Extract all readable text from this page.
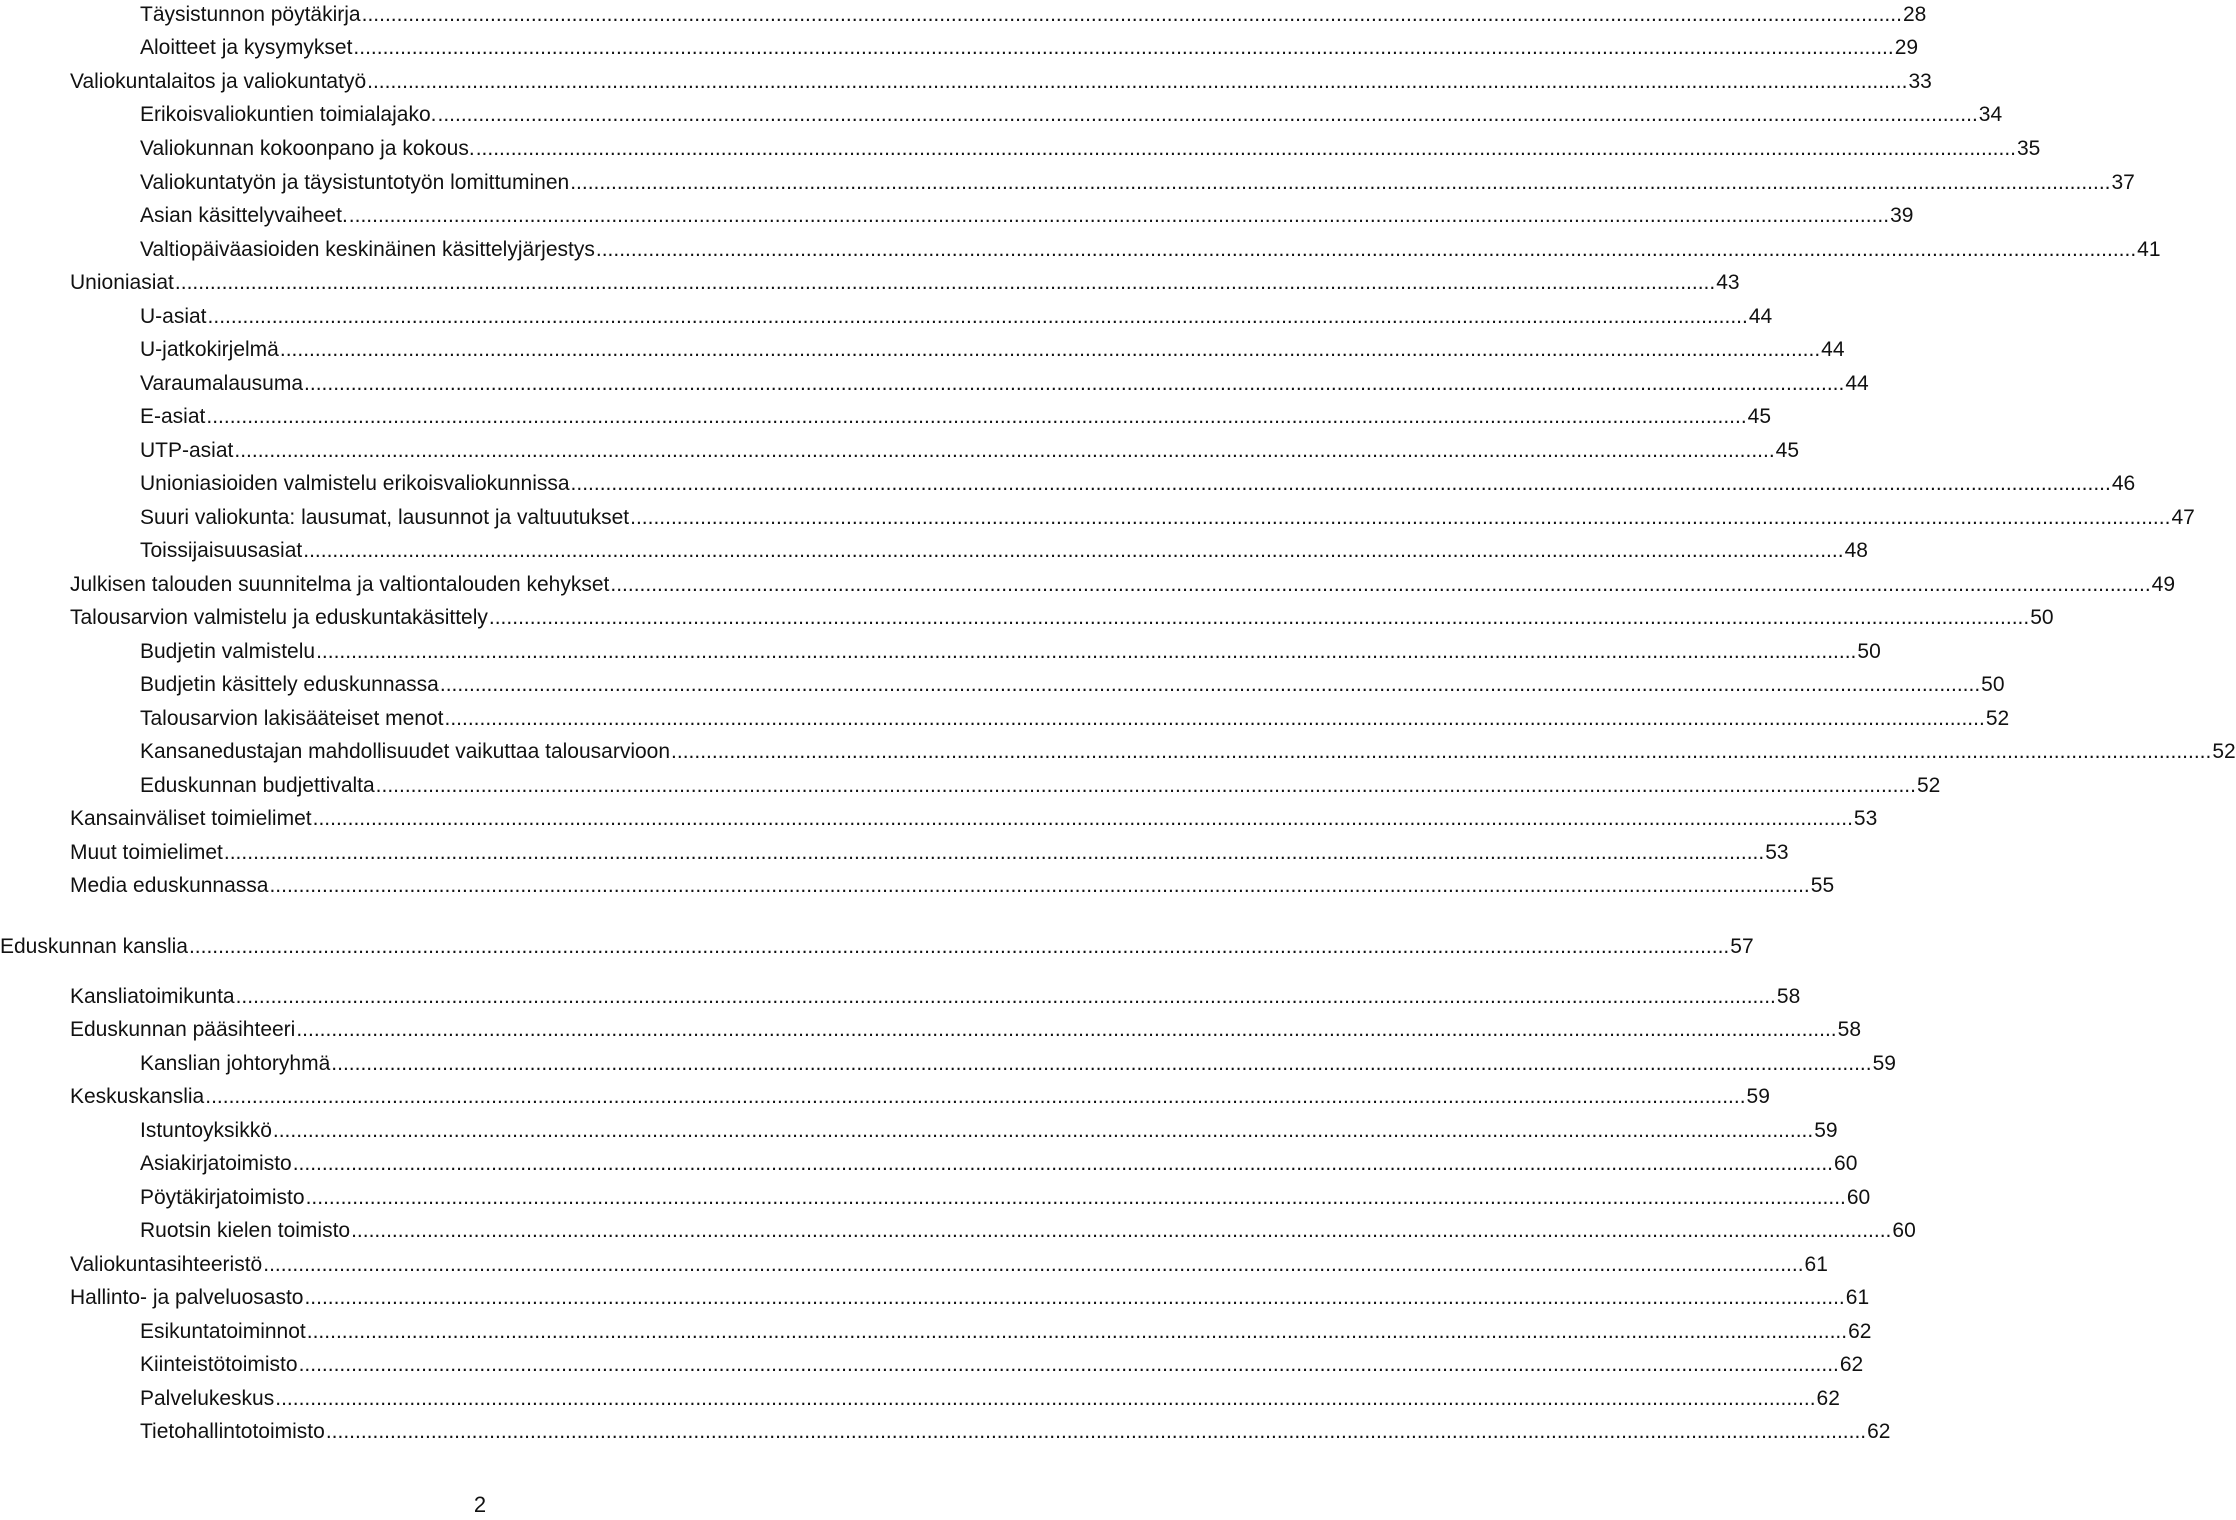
Täysistunnon pöytäkirja .....	28
Aloitteet ja kysymykset .....	29
Valiokuntalaitos ja valiokuntatyö .....	33
Erikoisvaliokuntien toimialajako. .....	34
Valiokunnan kokoonpano ja kokous. .....	35
Valiokuntatyön ja täysistuntotyön lomittuminen .....	37
Asian käsittelyvaiheet. .....	39
Valtiopäiväasioiden keskinäinen käsittelyjärjestys .....	41
Unioniasiat .....	43
U-asiat .....	44
U-jatkokirjelmä .....	44
Varaumalausuma .....	44
E-asiat .....	45
UTP-asiat .....	45
Unioniasioiden valmistelu erikoisvaliokunnissa .....	46
Suuri valiokunta: lausumat, lausunnot ja valtuutukset .....	47
Toissijaisuusasiat .....	48
Julkisen talouden suunnitelma ja valtiontalouden kehykset .....	49
Talousarvion valmistelu ja eduskuntakäsittely .....	50
Budjetin valmistelu .....	50
Budjetin käsittely eduskunnassa .....	50
Talousarvion lakisääteiset menot .....	52
Kansanedustajan mahdollisuudet vaikuttaa talousarvioon .....	52
Eduskunnan budjettivalta .....	52
Kansainväliset toimielimet .....	53
Muut toimielimet .....	53
Media eduskunnassa .....	55
Eduskunnan kanslia .....	57
Kansliatoimikunta .....	58
Eduskunnan pääsihteeri .....	58
Kanslian johtoryhmä .....	59
Keskuskanslia .....	59
Istuntoyksikkö .....	59
Asiakirjatoimisto .....	60
Pöytäkirjatoimisto .....	60
Ruotsin kielen toimisto .....	60
Valiokuntasihteeristö .....	61
Hallinto- ja palveluosasto .....	61
Esikuntatoiminnot .....	62
Kiinteistötoimisto .....	62
Palvelukeskus .....	62
Tietohallintotoimisto .....	62
2
